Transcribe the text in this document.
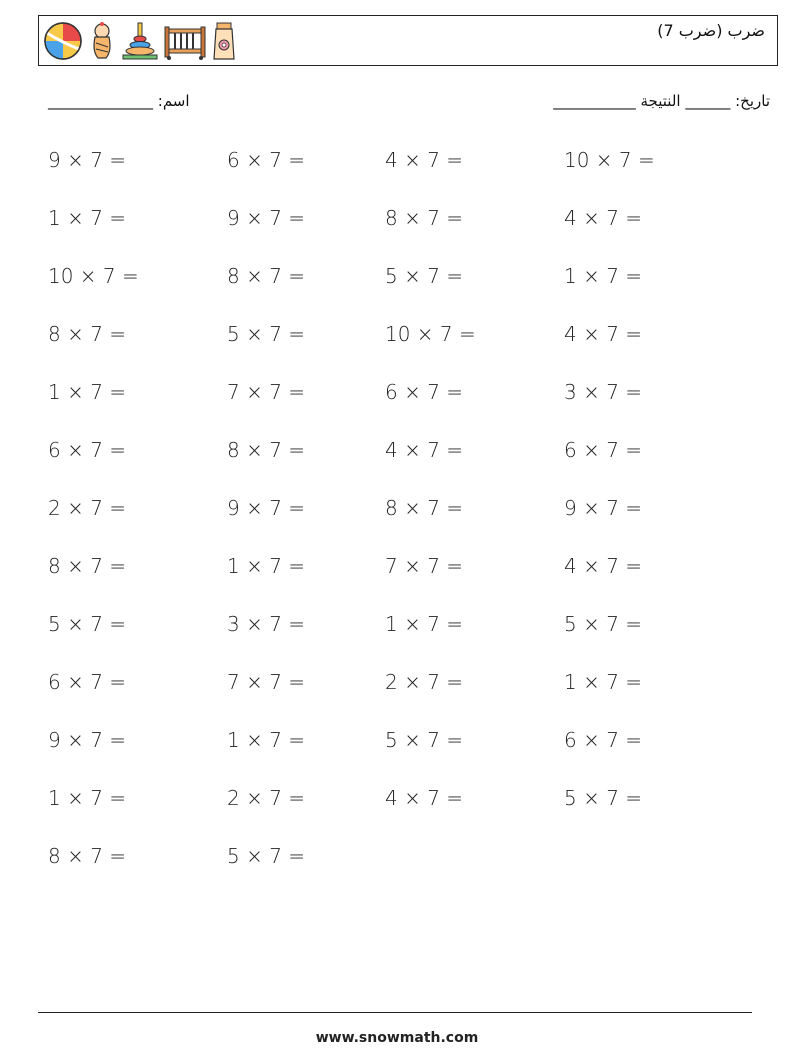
ضرب (ضرب 7)
اسم: ______________	تاريخ: ______ النتيجة ___________
9 × 7 =	6 × 7 =	4 × 7 =	10 × 7 =
1 × 7 =	9 × 7 =	8 × 7 =	4 × 7 =
10 × 7 =	8 × 7 =	5 × 7 =	1 × 7 =
8 × 7 =	5 × 7 =	10 × 7 =	4 × 7 =
1 × 7 =	7 × 7 =	6 × 7 =	3 × 7 =
6 × 7 =	8 × 7 =	4 × 7 =	6 × 7 =
2 × 7 =	9 × 7 =	8 × 7 =	9 × 7 =
8 × 7 =	1 × 7 =	7 × 7 =	4 × 7 =
5 × 7 =	3 × 7 =	1 × 7 =	5 × 7 =
6 × 7 =	7 × 7 =	2 × 7 =	1 × 7 =
9 × 7 =	1 × 7 =	5 × 7 =	6 × 7 =
1 × 7 =	2 × 7 =	4 × 7 =	5 × 7 =
8 × 7 =	5 × 7 =
www.snowmath.com
